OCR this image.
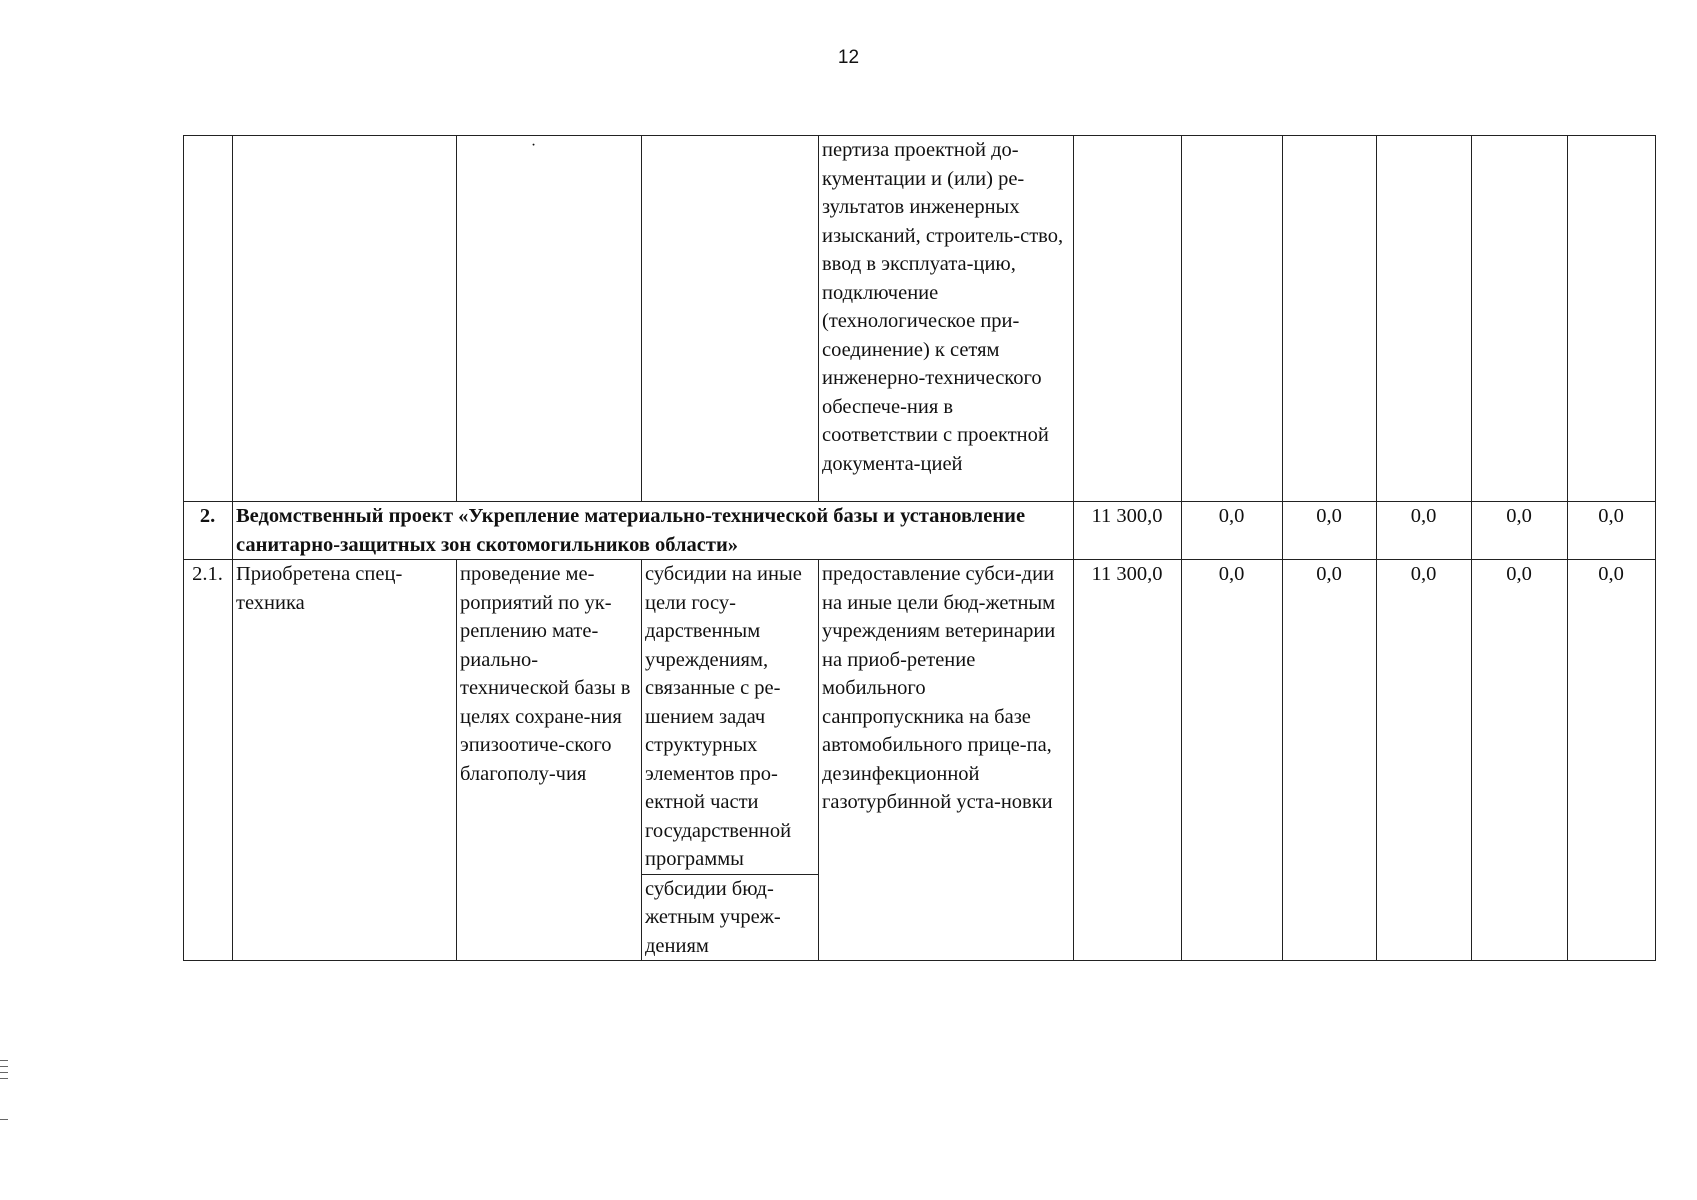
12

		·		пертиза проектной до-кументации и (или) ре-зультатов инженерных изысканий, строитель-ство, ввод в эксплуата-цию, подключение (технологическое при-соединение) к сетям инженерно-технического обеспече-ния в соответствии с проектной документа-цией						
2.	Ведомственный проект «Укрепление материально-технической базы и установление санитарно-защитных зон скотомогильников области»				11 300,0	0,0	0,0	0,0	0,0	0,0
2.1.	Приобретена спец-техника	проведение ме-роприятий по ук-реплению мате-риально-технической базы в целях сохране-ния эпизоотиче-ского благополу-чия	субсидии на иные цели госу-дарственным учреждениям, связанные с ре-шением задач структурных элементов про-ектной части государственной программы	предоставление субси-дии на иные цели бюд-жетным учреждениям ветеринарии на приоб-ретение мобильного санпропускника на базе автомобильного прице-па, дезинфекционной газотурбинной уста-новки	11 300,0	0,0	0,0	0,0	0,0	0,0
			субсидии бюд-жетным учреж-дениям							
